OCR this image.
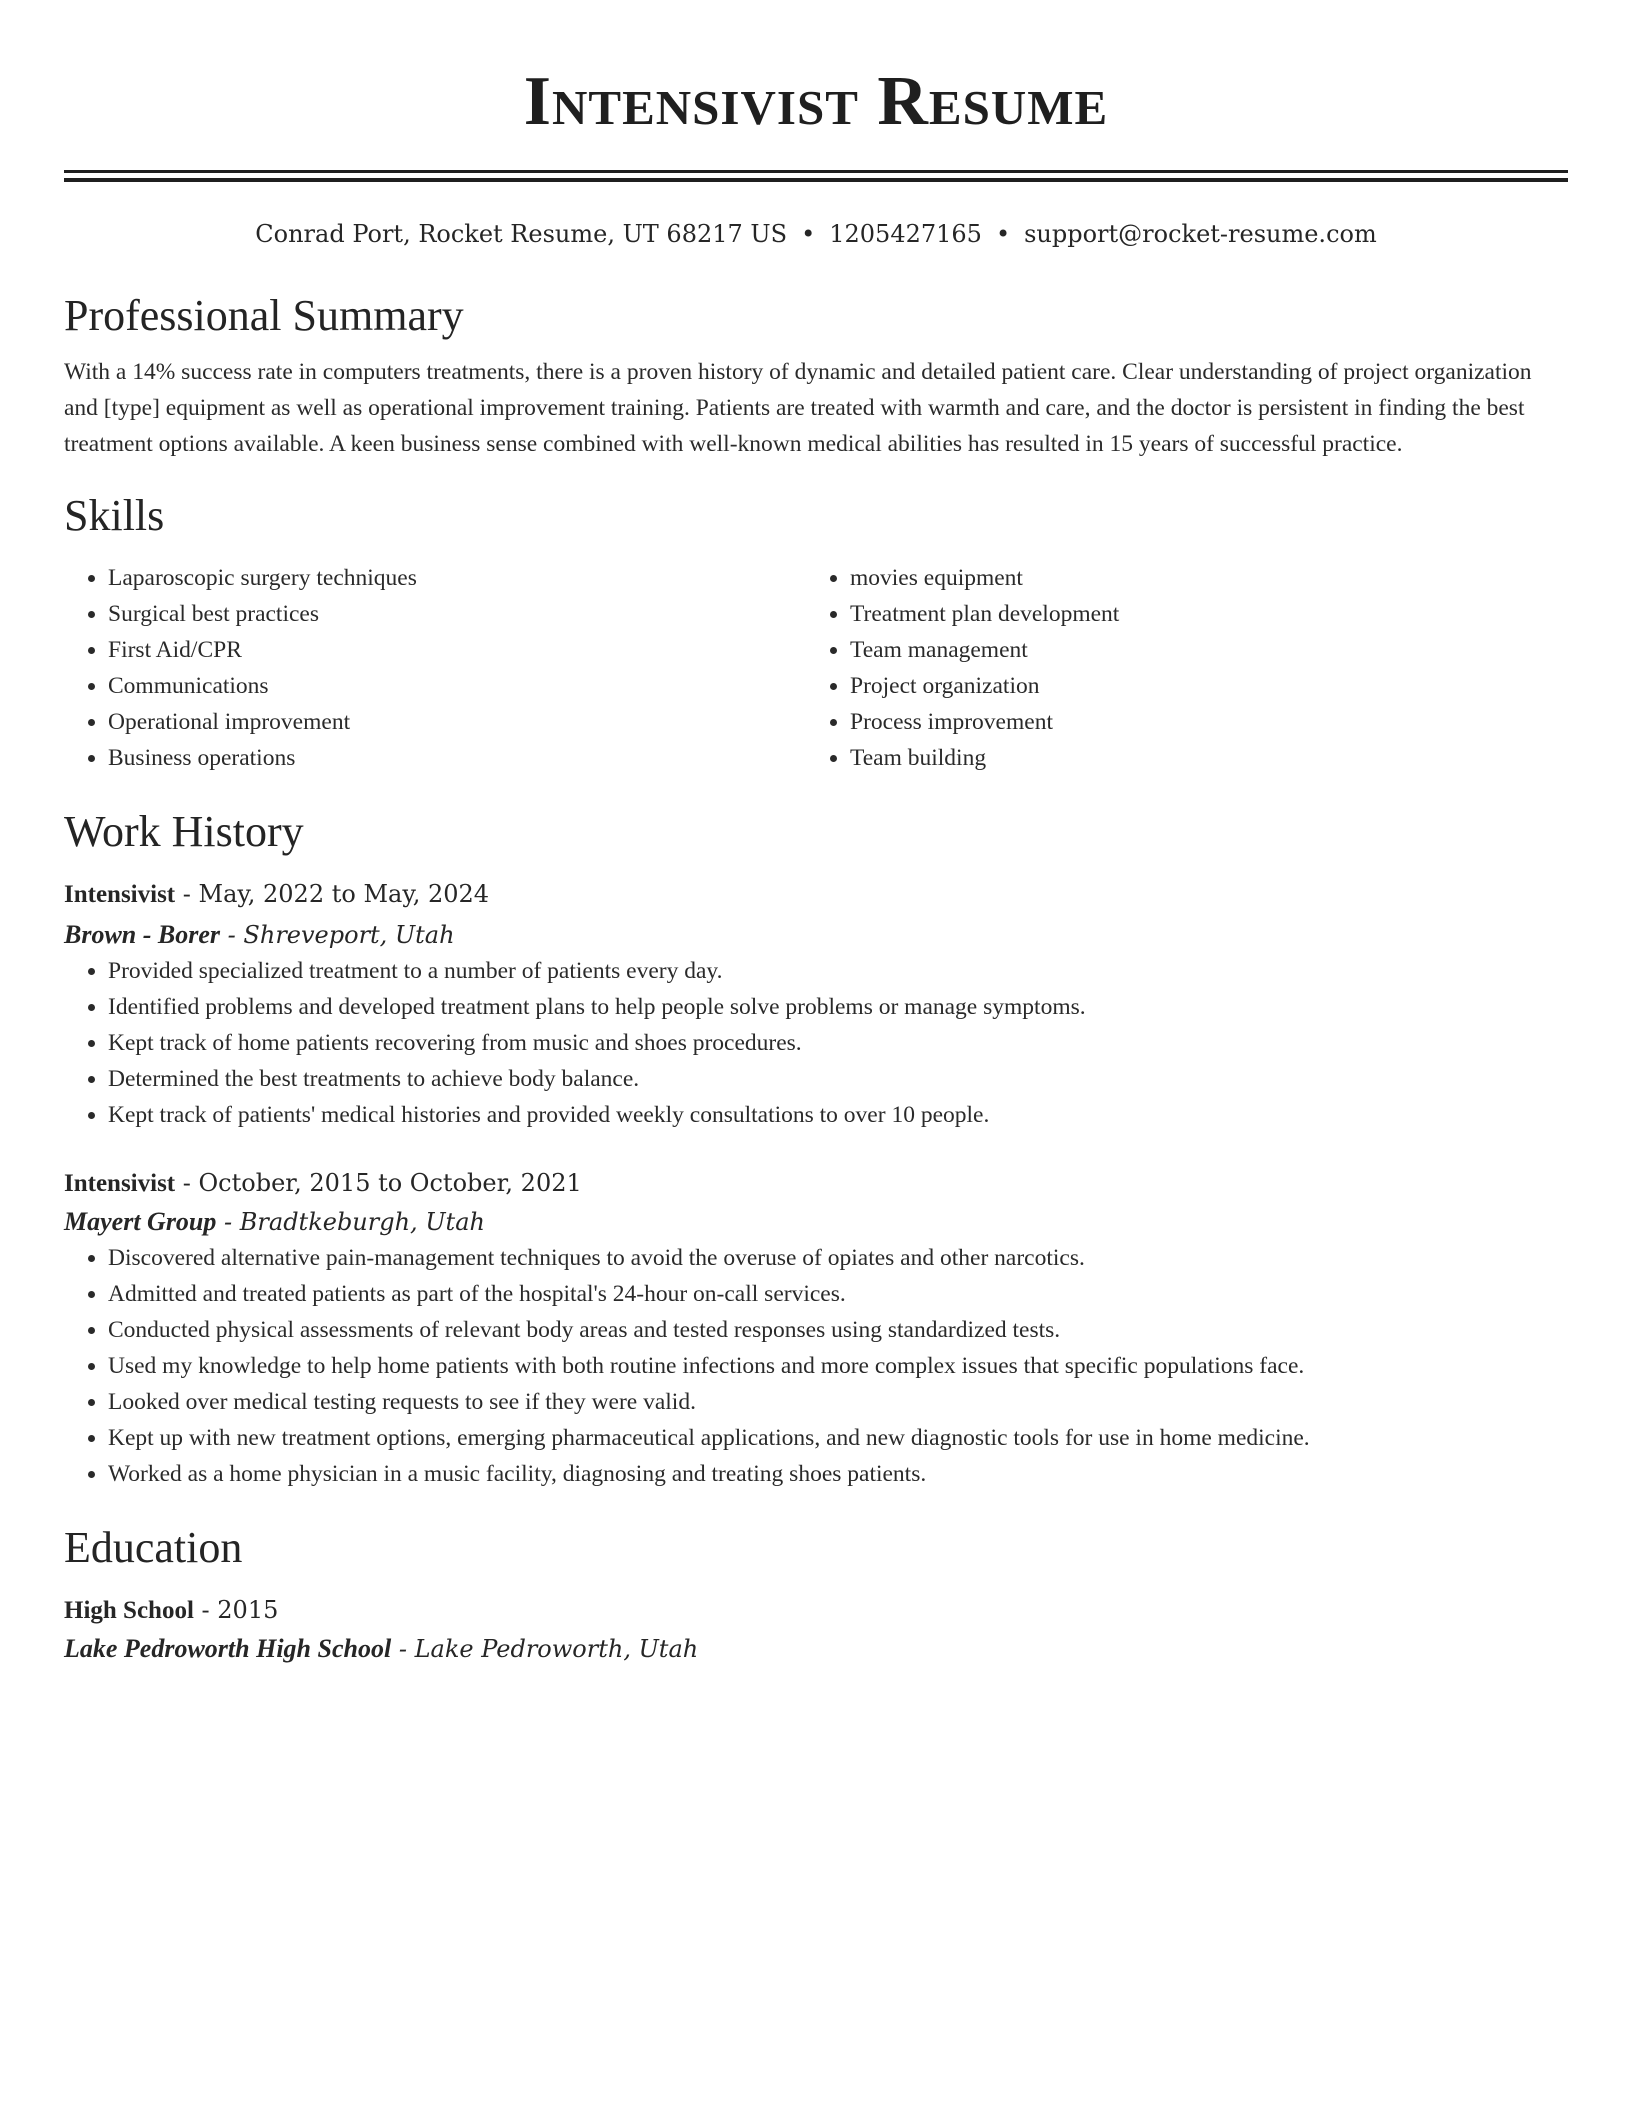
Intensivist Resume
Conrad Port, Rocket Resume, UT 68217 US • 1205427165 • support@rocket-resume.com
Professional Summary

With a 14% success rate in computers treatments, there is a proven history of dynamic and detailed patient care. Clear understanding of project organization and [type] equipment as well as operational improvement training. Patients are treated with warmth and care, and the doctor is persistent in finding the best treatment options available. A keen business sense combined with well-known medical abilities has resulted in 15 years of successful practice.

Skills
• Laparoscopic surgery techniques
• Surgical best practices
• First Aid/CPR
• Communications
• Operational improvement
• Business operations
• movies equipment
• Treatment plan development
• Team management
• Project organization
• Process improvement
• Team building
Work History
Intensivist - May, 2022 to May, 2024
Brown - Borer - Shreveport, Utah
• Provided specialized treatment to a number of patients every day.
• Identified problems and developed treatment plans to help people solve problems or manage symptoms.
• Kept track of home patients recovering from music and shoes procedures.
• Determined the best treatments to achieve body balance.
• Kept track of patients' medical histories and provided weekly consultations to over 10 people.
Intensivist - October, 2015 to October, 2021
Mayert Group - Bradtkeburgh, Utah
• Discovered alternative pain-management techniques to avoid the overuse of opiates and other narcotics.
• Admitted and treated patients as part of the hospital's 24-hour on-call services.
• Conducted physical assessments of relevant body areas and tested responses using standardized tests.
• Used my knowledge to help home patients with both routine infections and more complex issues that specific populations face.
• Looked over medical testing requests to see if they were valid.
• Kept up with new treatment options, emerging pharmaceutical applications, and new diagnostic tools for use in home medicine.
• Worked as a home physician in a music facility, diagnosing and treating shoes patients.
Education
High School - 2015
Lake Pedroworth High School - Lake Pedroworth, Utah
